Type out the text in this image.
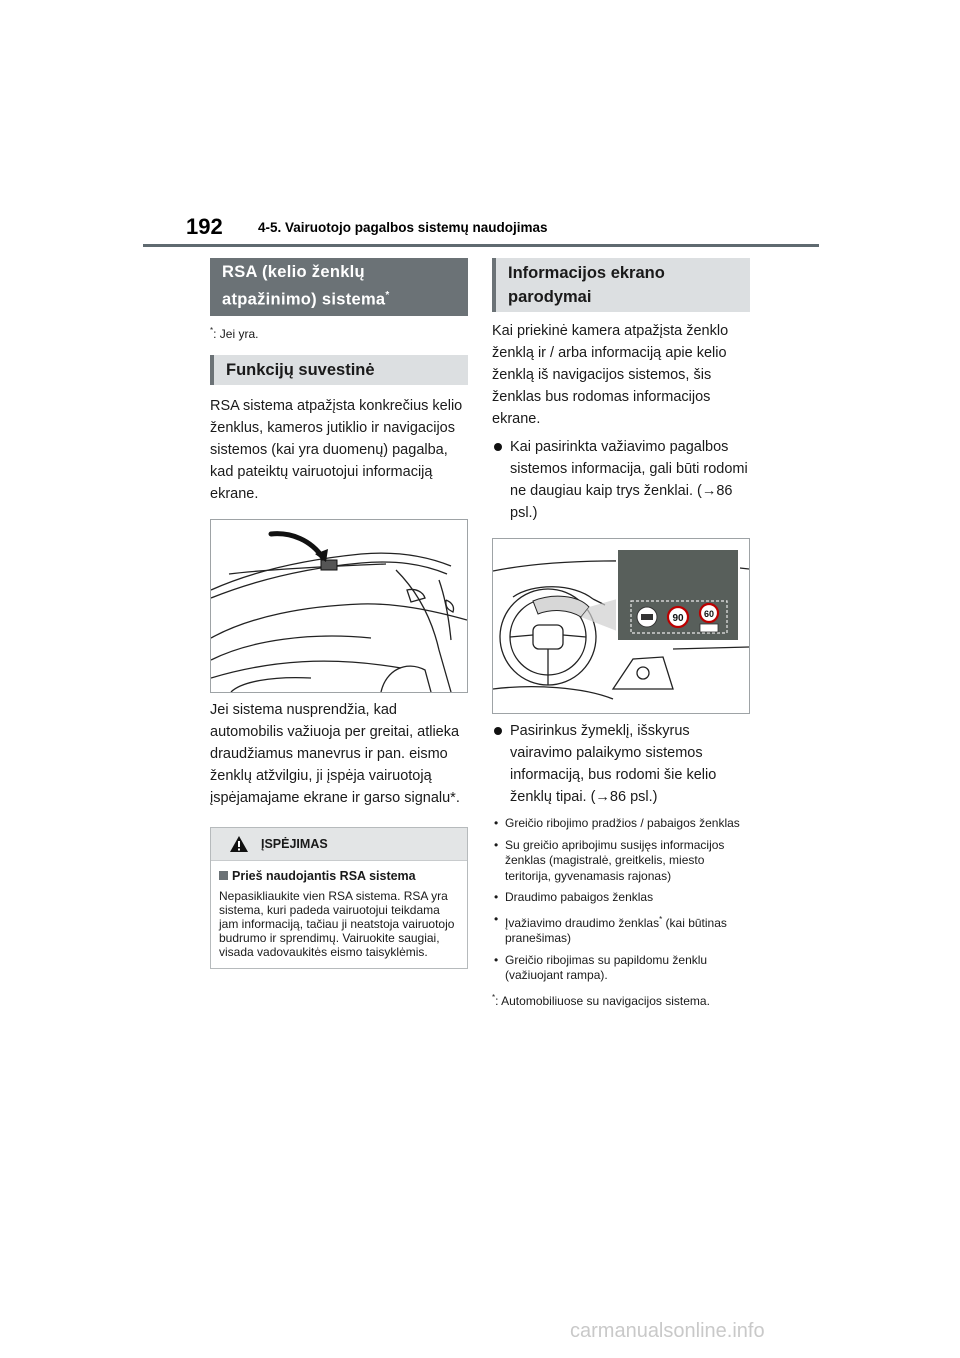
192	4-5. Vairuotojo pagalbos sistemų naudojimas
RSA (kelio ženklų
atpažinimo) sistema*

*: Jei yra.

Funkcijų suvestinė

RSA sistema atpažįsta konkrečius kelio ženklus, kameros jutiklio ir navigacijos sistemos (kai yra duomenų) pagalba, kad pateiktų vairuotojui informaciją ekrane.

Jei sistema nusprendžia, kad automobilis važiuoja per greitai, atlieka draudžiamus manevrus ir pan. eismo ženklų atžvilgiu, ji įspėja vairuotoją įspėjamajame ekrane ir garso signalu*.

ĮSPĖJIMAS
Prieš naudojantis RSA sistema

Nepasikliaukite vien RSA sistema. RSA yra sistema, kuri padeda vairuotojui teikdama jam informaciją, tačiau ji neatstoja vairuotojo budrumo ir sprendimų. Vairuokite saugiai, visada vadovaukitės eismo taisyklėmis.

Informacijos ekrano
parodymai

Kai priekinė kamera atpažįsta ženklo ženklą ir / arba informaciją apie kelio ženklą iš navigacijos sistemos, šis ženklas bus rodomas informacijos ekrane.

Kai pasirinkta važiavimo pagalbos sistemos informacija, gali būti rodomi ne daugiau kaip trys ženklai. (→86 psl.)
90 60
Pasirinkus žymeklį, išskyrus vairavimo palaikymo sistemos informaciją, bus rodomi šie kelio ženklų tipai. (→86 psl.)
• Greičio ribojimo pradžios / pabaigos ženklas
• Su greičio apribojimu susijęs informacijos ženklas (magistralė, greitkelis, miesto teritorija, gyvenamasis rajonas)
• Draudimo pabaigos ženklas
• Įvažiavimo draudimo ženklas* (kai būtinas pranešimas)
• Greičio ribojimas su papildomu ženklu (važiuojant rampa).
*: Automobiliuose su navigacijos sistema.
carmanualsonline.info
